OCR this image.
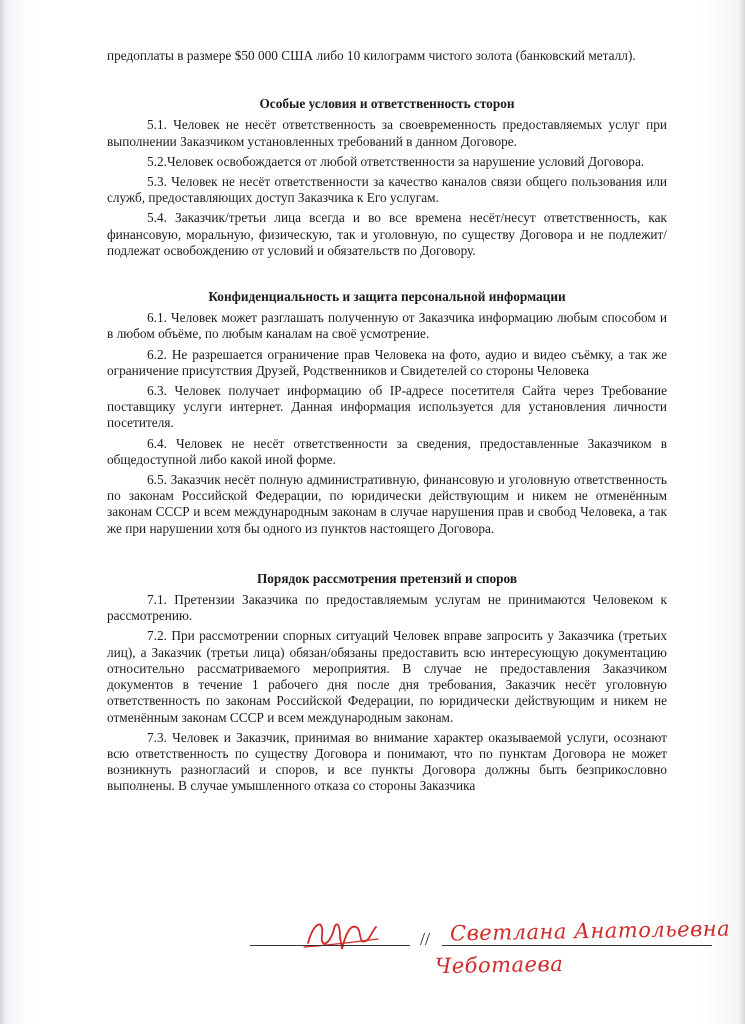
предоплаты в размере $50 000 США либо 10 килограмм чистого золота (банковский металл).

Особые условия и ответственность сторон

5.1. Человек не несёт ответственность за своевременность предоставляемых услуг при выполнении Заказчиком установленных требований в данном Договоре.

5.2.Человек освобождается от любой ответственности за нарушение условий Договора.

5.3. Человек не несёт ответственности за качество каналов связи общего пользования или служб, предоставляющих доступ Заказчика к Его услугам.

5.4. Заказчик/третьи лица всегда и во все времена несёт/несут ответственность, как финансовую, моральную, физическую, так и уголовную, по существу Договора и не подлежит/подлежат освобождению от условий и обязательств по Договору.

Конфиденциальность и защита персональной информации

6.1. Человек может разглашать полученную от Заказчика информацию любым способом и в любом объёме, по любым каналам на своё усмотрение.

6.2. Не разрешается ограничение прав Человека на фото, аудио и видео съёмку, а так же ограничение присутствия Друзей, Родственников и Свидетелей со стороны Человека

6.3. Человек получает информацию об IP-адресе посетителя Сайта через Требование поставщику услуги интернет. Данная информация используется для установления личности посетителя.

6.4. Человек не несёт ответственности за сведения, предоставленные Заказчиком в общедоступной либо какой иной форме.

6.5. Заказчик несёт полную административную, финансовую и уголовную ответственность по законам Российской Федерации, по юридически действующим и никем не отменённым законам СССР и всем международным законам в случае нарушения прав и свобод Человека, а так же при нарушении хотя бы одного из пунктов настоящего Договора.

Порядок рассмотрения претензий и споров

7.1. Претензии Заказчика по предоставляемым услугам не принимаются Человеком к рассмотрению.

7.2. При рассмотрении спорных ситуаций Человек вправе запросить у Заказчика (третьих лиц), а Заказчик (третьи лица) обязан/обязаны предоставить всю интересующую документацию относительно рассматриваемого мероприятия. В случае не предоставления Заказчиком документов в течение 1 рабочего дня после дня требования, Заказчик несёт уголовную ответственность по законам Российской Федерации, по юридически действующим и никем не отменённым законам СССР и всем международным законам.

7.3. Человек и Заказчик, принимая во внимание характер оказываемой услуги, осознают всю ответственность по существу Договора и понимают, что по пунктам Договора не может возникнуть разногласий и споров, и все пункты Договора должны быть безприкословно выполнены. В случае умышленного отказа со стороны Заказчика

// Светлана Анатольевна
Чеботаева
